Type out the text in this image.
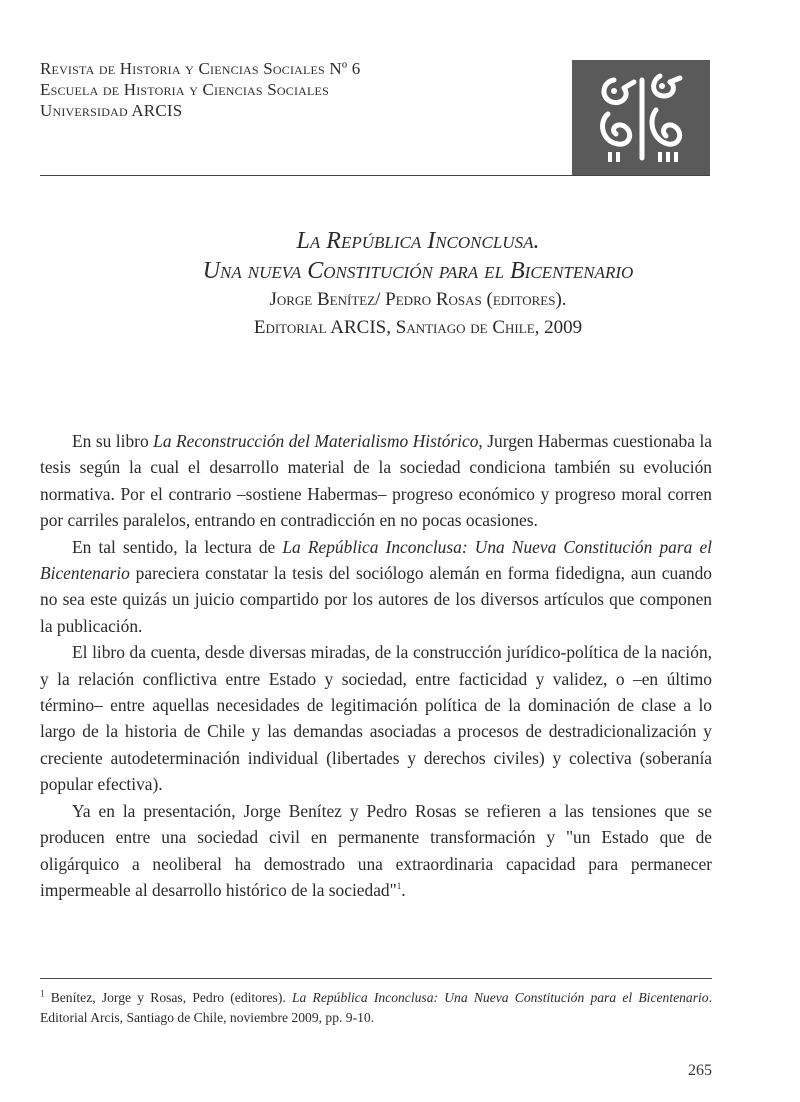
Revista de Historia y Ciencias Sociales Nº 6
Escuela de Historia y Ciencias Sociales
Universidad ARCIS
La República Inconclusa.
Una nueva Constitución para el Bicentenario
Jorge Benítez/ Pedro Rosas (editores).
Editorial ARCIS, Santiago de Chile, 2009

En su libro La Reconstrucción del Materialismo Histórico, Jurgen Habermas cuestionaba la tesis según la cual el desarrollo material de la sociedad condiciona también su evolución normativa. Por el contrario –sostiene Habermas– progreso económico y progreso moral corren por carriles paralelos, entrando en contradicción en no pocas ocasiones.

En tal sentido, la lectura de La República Inconclusa: Una Nueva Constitución para el Bicentenario pareciera constatar la tesis del sociólogo alemán en forma fidedigna, aun cuando no sea este quizás un juicio compartido por los autores de los diversos artículos que componen la publicación.

El libro da cuenta, desde diversas miradas, de la construcción jurídico-política de la nación, y la relación conflictiva entre Estado y sociedad, entre facticidad y validez, o –en último término– entre aquellas necesidades de legitimación política de la dominación de clase a lo largo de la historia de Chile y las demandas asociadas a procesos de destradicionalización y creciente autodeterminación individual (libertades y derechos civiles) y colectiva (soberanía popular efectiva).

Ya en la presentación, Jorge Benítez y Pedro Rosas se refieren a las tensiones que se producen entre una sociedad civil en permanente transformación y "un Estado que de oligárquico a neoliberal ha demostrado una extraordinaria capacidad para permanecer impermeable al desarrollo histórico de la sociedad"$^1$.

$^1$ Benítez, Jorge y Rosas, Pedro (editores). La República Inconclusa: Una Nueva Constitución para el Bicentenario. Editorial Arcis, Santiago de Chile, noviembre 2009, pp. 9-10.
265
